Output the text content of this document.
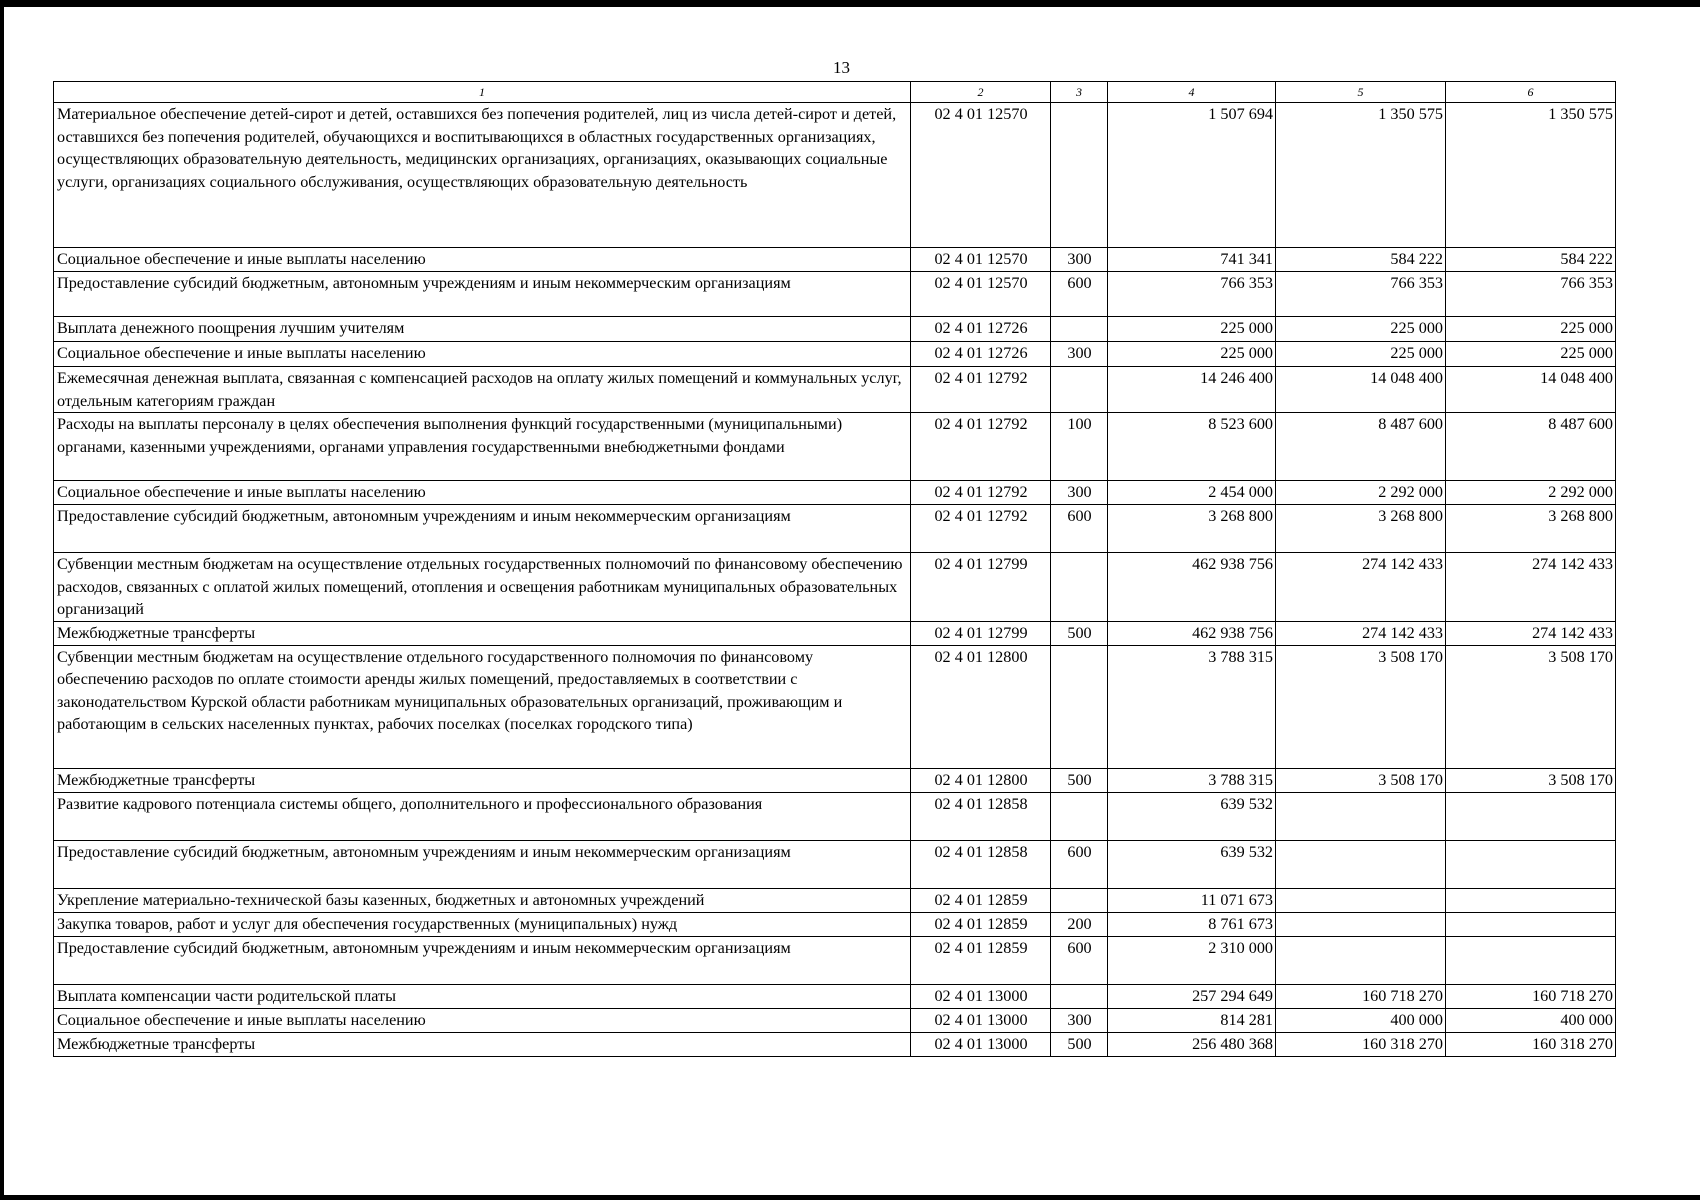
13
1	2	3	4	5	6
Материальное обеспечение детей-сирот и детей, оставшихся без попечения родителей, лиц из числа детей-сирот и детей, оставшихся без попечения родителей, обучающихся и воспитывающихся в областных государственных организациях, осуществляющих образовательную деятельность, медицинских организациях, организациях, оказывающих социальные услуги, организациях социального обслуживания, осуществляющих образовательную деятельность	02 4 01 12570		1 507 694	1 350 575	1 350 575
Социальное обеспечение и иные выплаты населению	02 4 01 12570	300	741 341	584 222	584 222
Предоставление субсидий бюджетным, автономным учреждениям и иным некоммерческим организациям	02 4 01 12570	600	766 353	766 353	766 353
Выплата денежного поощрения лучшим учителям	02 4 01 12726		225 000	225 000	225 000
Социальное обеспечение и иные выплаты населению	02 4 01 12726	300	225 000	225 000	225 000
Ежемесячная денежная выплата, связанная с компенсацией расходов на оплату жилых помещений и коммунальных услуг, отдельным категориям граждан	02 4 01 12792		14 246 400	14 048 400	14 048 400
Расходы на выплаты персоналу в целях обеспечения выполнения функций государственными (муниципальными) органами, казенными учреждениями, органами управления государственными внебюджетными фондами	02 4 01 12792	100	8 523 600	8 487 600	8 487 600
Социальное обеспечение и иные выплаты населению	02 4 01 12792	300	2 454 000	2 292 000	2 292 000
Предоставление субсидий бюджетным, автономным учреждениям и иным некоммерческим организациям	02 4 01 12792	600	3 268 800	3 268 800	3 268 800
Субвенции местным бюджетам на осуществление отдельных государственных полномочий по финансовому обеспечению расходов, связанных с оплатой жилых помещений, отопления и освещения работникам муниципальных образовательных организаций	02 4 01 12799		462 938 756	274 142 433	274 142 433
Межбюджетные трансферты	02 4 01 12799	500	462 938 756	274 142 433	274 142 433
Субвенции местным бюджетам на осуществление отдельного государственного полномочия по финансовому обеспечению расходов по оплате стоимости аренды жилых помещений, предоставляемых в соответствии с законодательством Курской области работникам муниципальных образовательных организаций, проживающим и работающим в сельских населенных пунктах, рабочих поселках (поселках городского типа)	02 4 01 12800		3 788 315	3 508 170	3 508 170
Межбюджетные трансферты	02 4 01 12800	500	3 788 315	3 508 170	3 508 170
Развитие кадрового потенциала системы общего, дополнительного и профессионального образования	02 4 01 12858		639 532		
Предоставление субсидий бюджетным, автономным учреждениям и иным некоммерческим организациям	02 4 01 12858	600	639 532		
Укрепление материально-технической базы казенных, бюджетных и автономных учреждений	02 4 01 12859		11 071 673		
Закупка товаров, работ и услуг для обеспечения государственных (муниципальных) нужд	02 4 01 12859	200	8 761 673		
Предоставление субсидий бюджетным, автономным учреждениям и иным некоммерческим организациям	02 4 01 12859	600	2 310 000		
Выплата компенсации части родительской платы	02 4 01 13000		257 294 649	160 718 270	160 718 270
Социальное обеспечение и иные выплаты населению	02 4 01 13000	300	814 281	400 000	400 000
Межбюджетные трансферты	02 4 01 13000	500	256 480 368	160 318 270	160 318 270
